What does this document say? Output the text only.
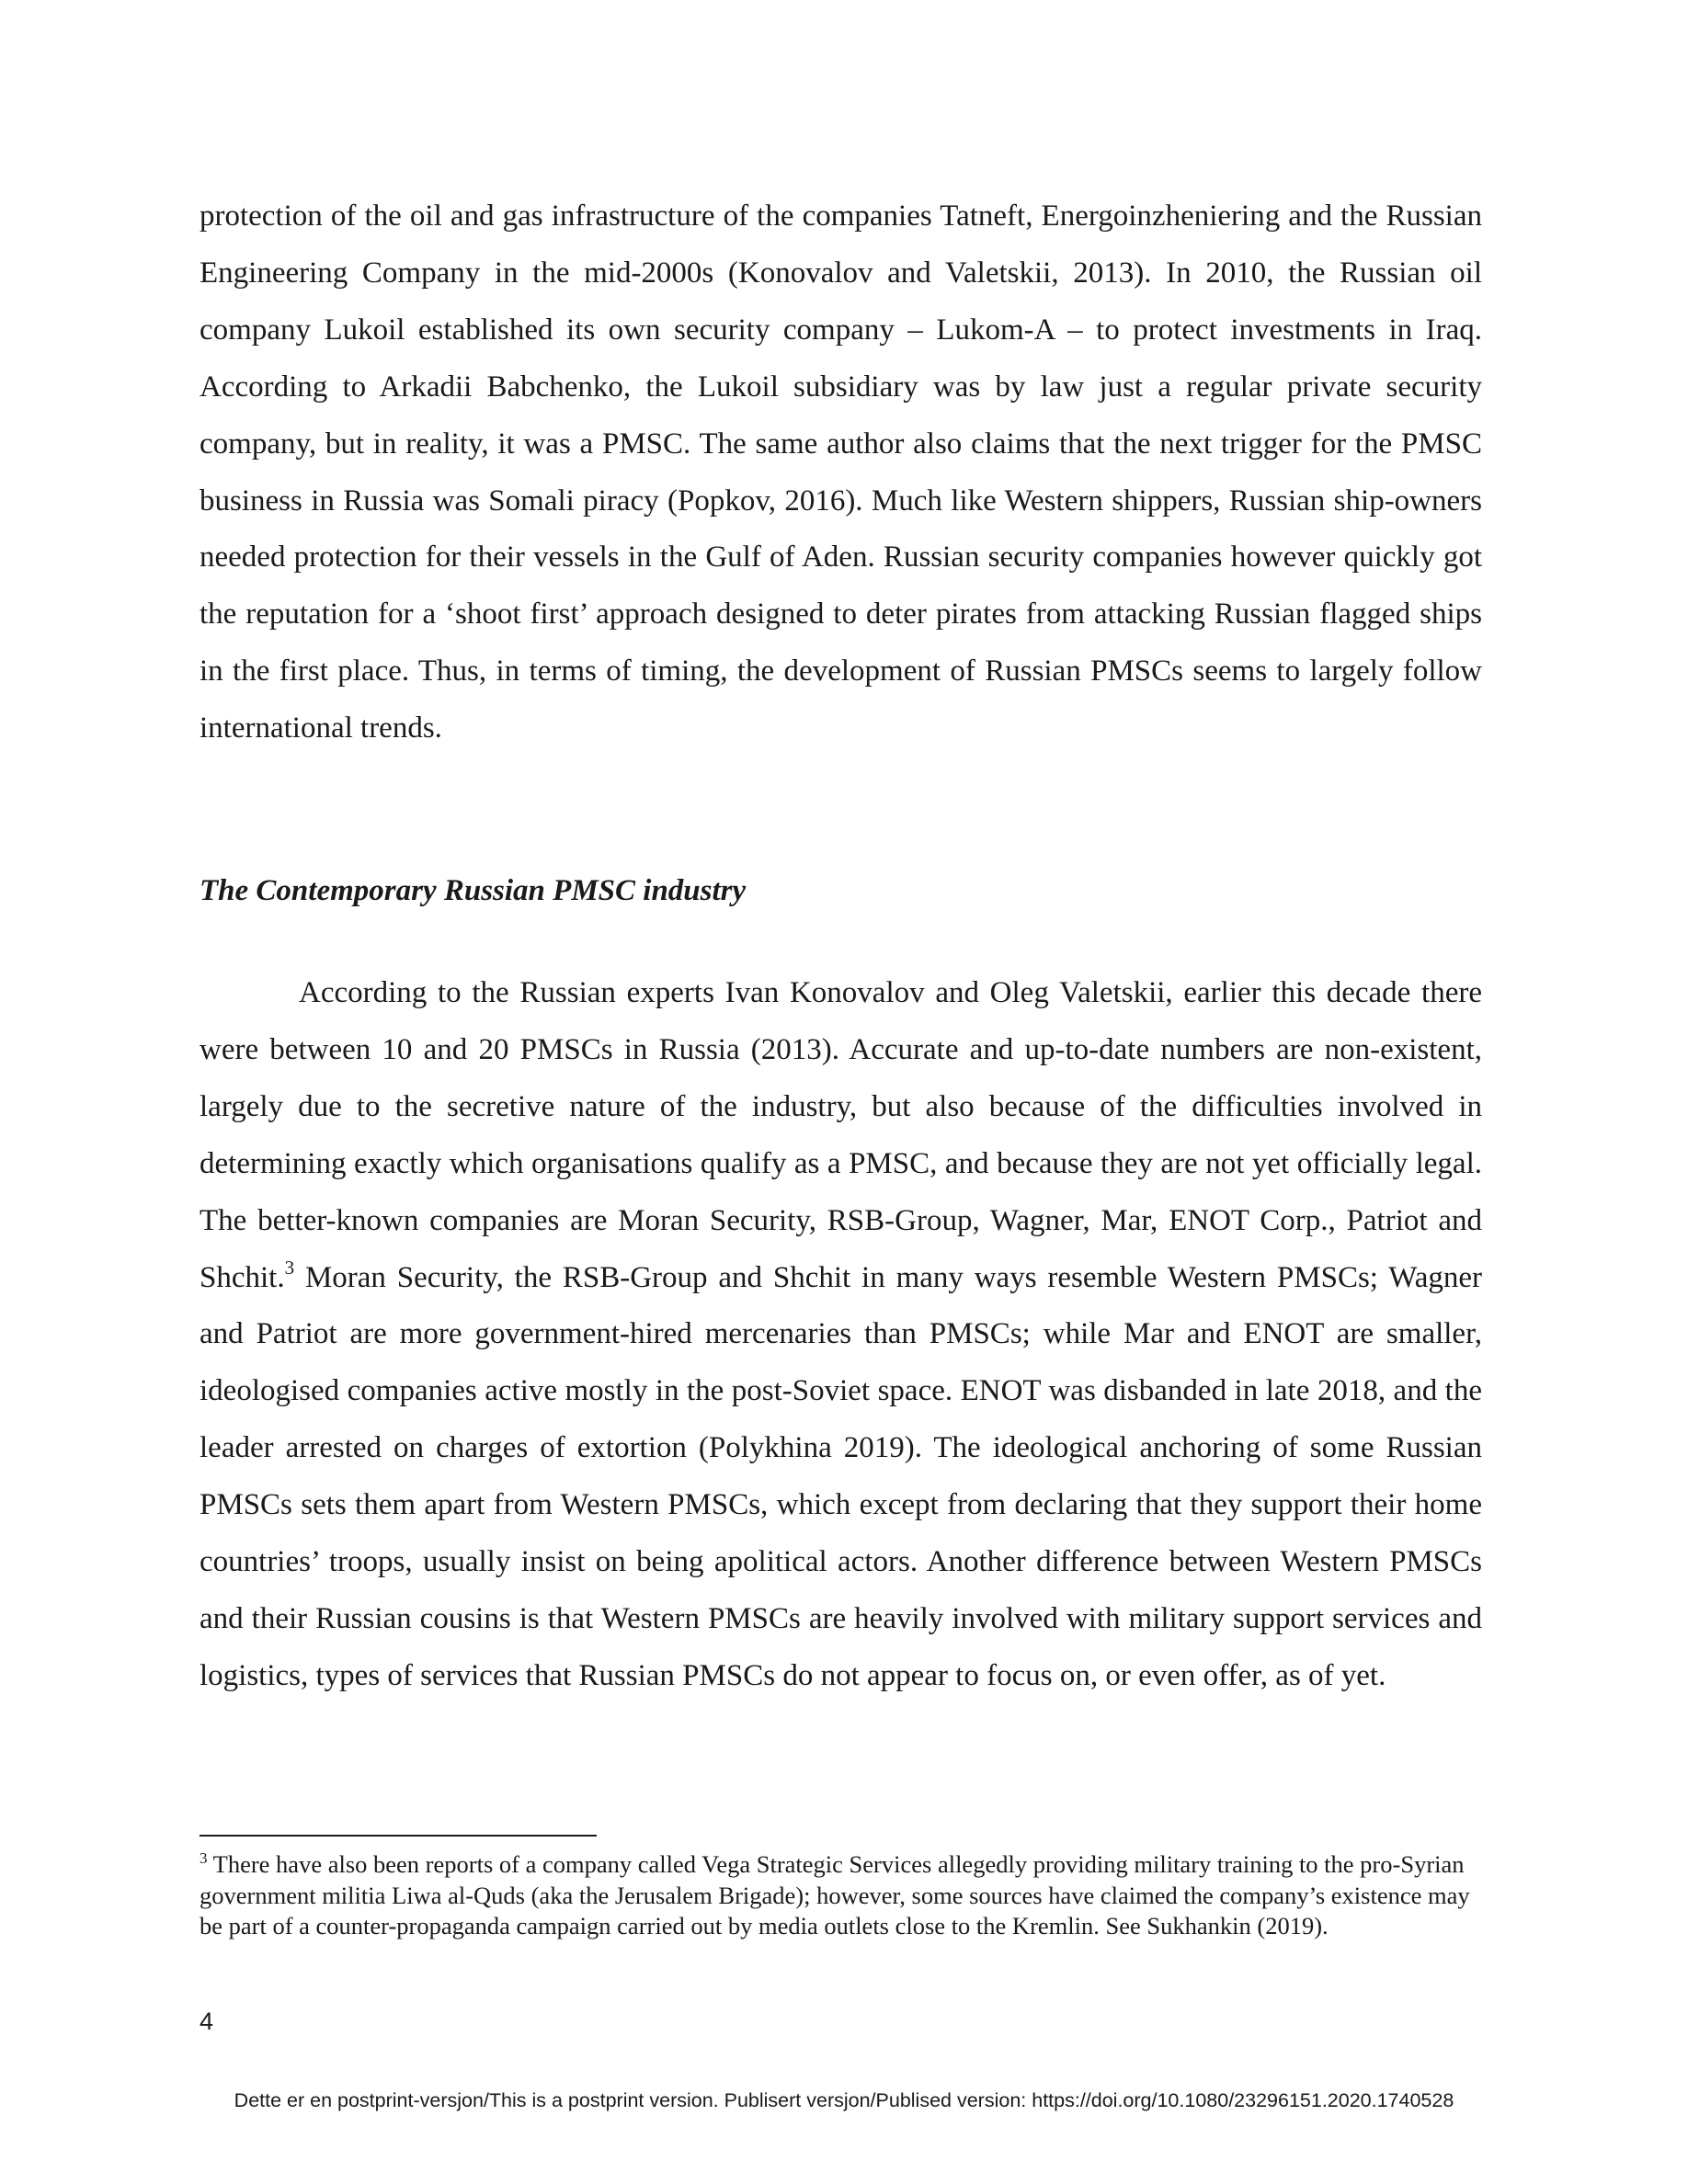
protection of the oil and gas infrastructure of the companies Tatneft, Energoinzheniering and the Russian Engineering Company in the mid-2000s (Konovalov and Valetskii, 2013). In 2010, the Russian oil company Lukoil established its own security company – Lukom-A – to protect investments in Iraq. According to Arkadii Babchenko, the Lukoil subsidiary was by law just a regular private security company, but in reality, it was a PMSC. The same author also claims that the next trigger for the PMSC business in Russia was Somali piracy (Popkov, 2016). Much like Western shippers, Russian ship-owners needed protection for their vessels in the Gulf of Aden. Russian security companies however quickly got the reputation for a ‘shoot first’ approach designed to deter pirates from attacking Russian flagged ships in the first place. Thus, in terms of timing, the development of Russian PMSCs seems to largely follow international trends.

The Contemporary Russian PMSC industry

According to the Russian experts Ivan Konovalov and Oleg Valetskii, earlier this decade there were between 10 and 20 PMSCs in Russia (2013). Accurate and up-to-date numbers are non-existent, largely due to the secretive nature of the industry, but also because of the difficulties involved in determining exactly which organisations qualify as a PMSC, and because they are not yet officially legal. The better-known companies are Moran Security, RSB-Group, Wagner, Mar, ENOT Corp., Patriot and Shchit.$^3$ Moran Security, the RSB-Group and Shchit in many ways resemble Western PMSCs; Wagner and Patriot are more government-hired mercenaries than PMSCs; while Mar and ENOT are smaller, ideologised companies active mostly in the post-Soviet space. ENOT was disbanded in late 2018, and the leader arrested on charges of extortion (Polykhina 2019). The ideological anchoring of some Russian PMSCs sets them apart from Western PMSCs, which except from declaring that they support their home countries’ troops, usually insist on being apolitical actors. Another difference between Western PMSCs and their Russian cousins is that Western PMSCs are heavily involved with military support services and logistics, types of services that Russian PMSCs do not appear to focus on, or even offer, as of yet.

$^3$ There have also been reports of a company called Vega Strategic Services allegedly providing military training to the pro-Syrian government militia Liwa al-Quds (aka the Jerusalem Brigade); however, some sources have claimed the company’s existence may be part of a counter-propaganda campaign carried out by media outlets close to the Kremlin. See Sukhankin (2019).

4

Dette er en postprint-versjon/This is a postprint version. Publisert versjon/Publised version: https://doi.org/10.1080/23296151.2020.1740528
